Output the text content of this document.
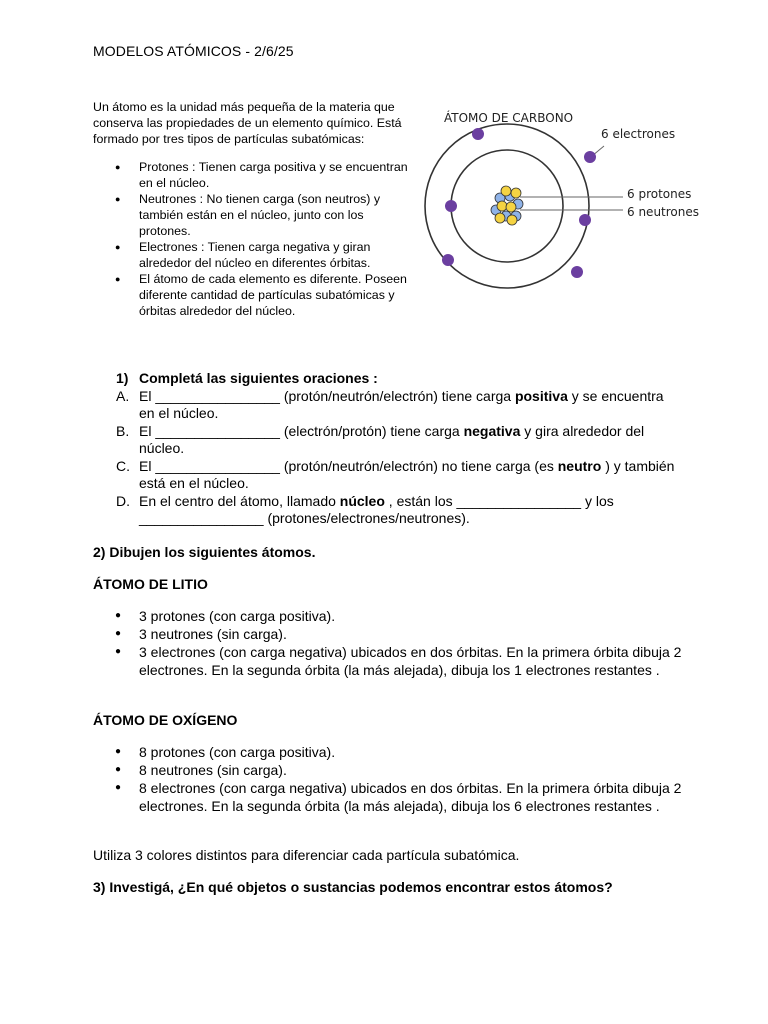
MODELOS ATÓMICOS - 2/6/25

Un átomo es la unidad más pequeña de la materia que conserva las propiedades de un elemento químico. Está formado por tres tipos de partículas subatómicas:

● Protones : Tienen carga positiva y se encuentran en el núcleo.
● Neutrones : No tienen carga (son neutros) y también están en el núcleo, junto con los protones.
● Electrones : Tienen carga negativa y giran alrededor del núcleo en diferentes órbitas.
● El átomo de cada elemento es diferente. Poseen diferente cantidad de partículas subatómicas y órbitas alrededor del núcleo.
ÁTOMO DE CARBONO
6 electrones
6 protones
6 neutrones
1) Completá las siguientes oraciones :
A. El ________________ (protón/neutrón/electrón) tiene carga positiva y se encuentra en el núcleo.
B. El ________________ (electrón/protón) tiene carga negativa y gira alrededor del núcleo.
C. El ________________ (protón/neutrón/electrón) no tiene carga (es neutro ) y también está en el núcleo.
D. En el centro del átomo, llamado núcleo , están los ________________ y los ________________ (protones/electrones/neutrones).
2) Dibujen los siguientes átomos.
ÁTOMO DE LITIO
● 3 protones (con carga positiva).
● 3 neutrones (sin carga).
● 3 electrones (con carga negativa) ubicados en dos órbitas. En la primera órbita dibuja 2 electrones. En la segunda órbita (la más alejada), dibuja los 1 electrones restantes .
ÁTOMO DE OXÍGENO
● 8 protones (con carga positiva).
● 8 neutrones (sin carga).
● 8 electrones (con carga negativa) ubicados en dos órbitas. En la primera órbita dibuja 2 electrones. En la segunda órbita (la más alejada), dibuja los 6 electrones restantes .
Utiliza 3 colores distintos para diferenciar cada partícula subatómica.
3) Investigá, ¿En qué objetos o sustancias podemos encontrar estos átomos?
